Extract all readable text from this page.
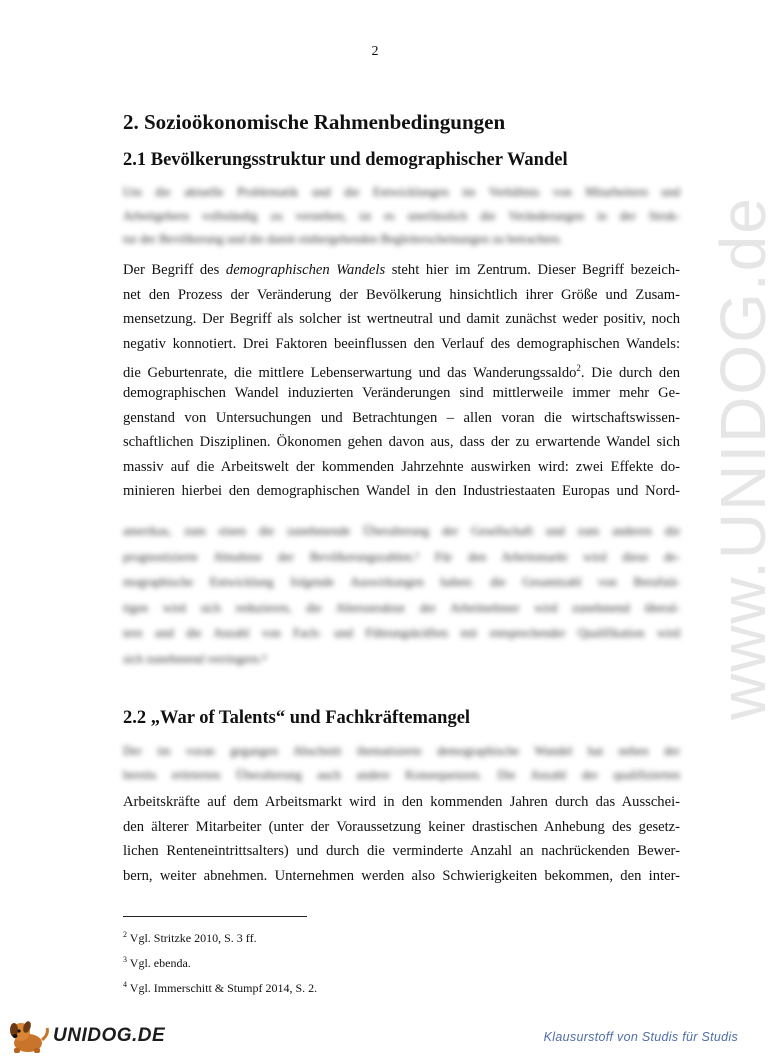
2
www.UNIDOG.de
2. Sozioökonomische Rahmenbedingungen
2.1 Bevölkerungsstruktur und demographischer Wandel
Um die aktuelle Problematik und die Entwicklungen im Verhältnis von Mitarbeitern und
Arbeitgebern vollständig zu verstehen, ist es unerlässlich die Veränderungen in der Struk-
tur der Bevölkerung und die damit einhergehenden Begleiterscheinungen zu betrachten.
Der Begriff des demographischen Wandels steht hier im Zentrum. Dieser Begriff bezeich-
net den Prozess der Veränderung der Bevölkerung hinsichtlich ihrer Größe und Zusam-
mensetzung. Der Begriff als solcher ist wertneutral und damit zunächst weder positiv, noch
negativ konnotiert. Drei Faktoren beeinflussen den Verlauf des demographischen Wandels:
die Geburtenrate, die mittlere Lebenserwartung und das Wanderungssaldo$^2$. Die durch den
demographischen Wandel induzierten Veränderungen sind mittlerweile immer mehr Ge-
genstand von Untersuchungen und Betrachtungen – allen voran die wirtschaftswissen-
schaftlichen Disziplinen. Ökonomen gehen davon aus, dass der zu erwartende Wandel sich
massiv auf die Arbeitswelt der kommenden Jahrzehnte auswirken wird: zwei Effekte do-
minieren hierbei den demographischen Wandel in den Industriestaaten Europas und Nord-
amerikas, zum einen die zunehmende Überalterung der Gesellschaft und zum anderen die
prognostizierte Abnahme der Bevölkerungszahlen.³ Für den Arbeitsmarkt wird diese de-
mographische Entwicklung folgende Auswirkungen haben: die Gesamtzahl von Berufstä-
tigen wird sich reduzieren, die Altersstruktur der Arbeitnehmer wird zunehmend überal-
tern und die Anzahl von Fach- und Führungskräften mit entsprechender Qualifikation wird
sich zunehmend verringern.⁴
2.2 „War of Talents“ und Fachkräftemangel
Der im voran gegangen Abschnitt thematisierte demographische Wandel hat neben der
bereits erörterten Überalterung auch andere Konsequenzen. Die Anzahl der qualifizierten
Arbeitskräfte auf dem Arbeitsmarkt wird in den kommenden Jahren durch das Ausschei-
den älterer Mitarbeiter (unter der Voraussetzung keiner drastischen Anhebung des gesetz-
lichen Renteneintrittsalters) und durch die verminderte Anzahl an nachrückenden Bewer-
bern, weiter abnehmen. Unternehmen werden also Schwierigkeiten bekommen, den inter-
$^2$ Vgl. Stritzke 2010, S. 3 ff.
$^3$ Vgl. ebenda.
$^4$ Vgl. Immerschitt & Stumpf 2014, S. 2.
UNIDOG.DE	Klausurstoff von Studis für Studis
